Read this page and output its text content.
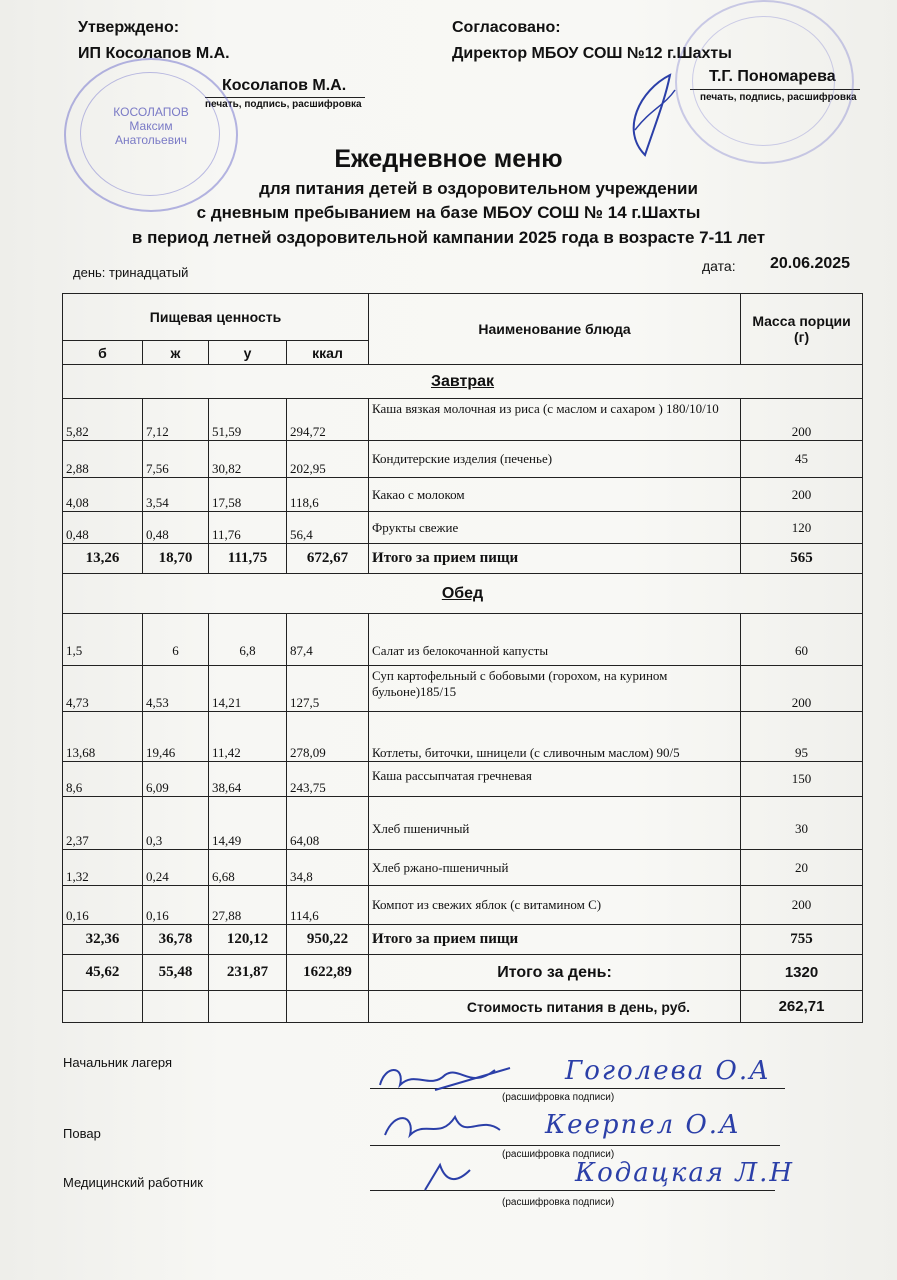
Утверждено:
ИП Косолапов М.А.
Косолапов М.А.
печать, подпись, расшифровка
КОСОЛАПОВ
Максим
Анатольевич
Согласовано:
Директор МБОУ СОШ №12 г.Шахты
Т.Г. Пономарева
печать, подпись, расшифровка
Ежедневное меню
для питания детей в оздоровительном учреждении
с дневным пребыванием на базе МБОУ СОШ № 14 г.Шахты
в период летней оздоровительной кампании 2025 года в возрасте 7-11 лет
день: тринадцатый	дата: 20.06.2025
Пищевая ценность				Наименование блюда	Масса порции (г)
б	ж	у	ккал		
Завтрак					
5,82	7,12	51,59	294,72	Каша вязкая молочная из риса (с маслом и сахаром ) 180/10/10	200
2,88	7,56	30,82	202,95	Кондитерские изделия (печенье)	45
4,08	3,54	17,58	118,6	Какао с молоком	200
0,48	0,48	11,76	56,4	Фрукты свежие	120
13,26	18,70	111,75	672,67	Итого за прием пищи	565
Обед					
1,5	6	6,8	87,4	Салат из белокочанной капусты	60
4,73	4,53	14,21	127,5	Суп картофельный с бобовыми (горохом, на курином бульоне)185/15	200
13,68	19,46	11,42	278,09	Котлеты, биточки, шницели (с сливочным маслом) 90/5	95
8,6	6,09	38,64	243,75	Каша рассыпчатая гречневая	150
2,37	0,3	14,49	64,08	Хлеб пшеничный	30
1,32	0,24	6,68	34,8	Хлеб ржано-пшеничный	20
0,16	0,16	27,88	114,6	Компот из свежих яблок (с витамином С)	200
32,36	36,78	120,12	950,22	Итого за прием пищи	755
45,62	55,48	231,87	1622,89	Итого за день:	1320
				Стоимость питания в день, руб.	262,71
Начальник лагеря	Гоголева О.А
(расшифровка подписи)
Повар	Кеерпел О.А
(расшифровка подписи)
Медицинский работник	Кодацкая Л.Н
(расшифровка подписи)
